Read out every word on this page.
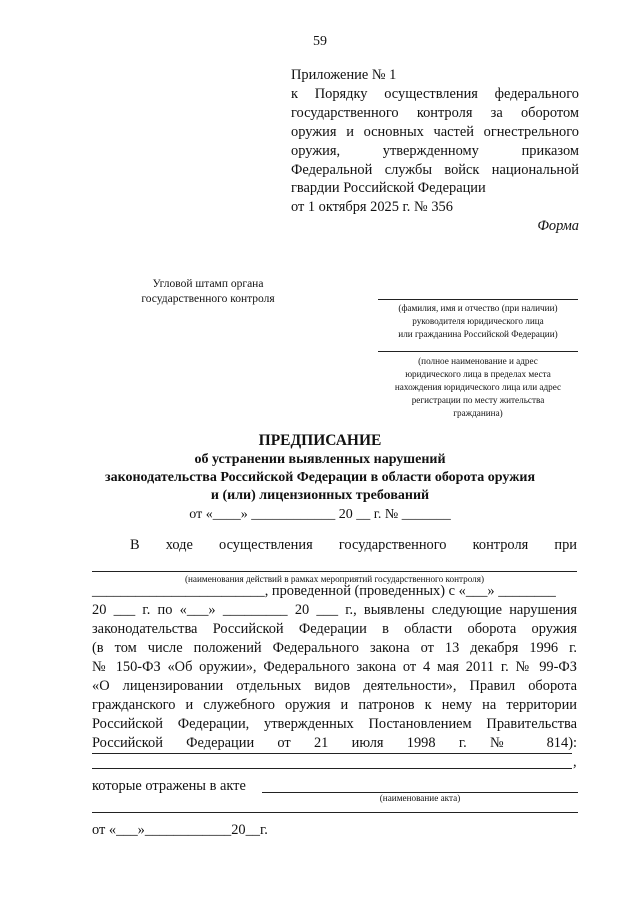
59
Приложение № 1
к Порядку осуществления федерального
государственного контроля за оборотом
оружия и основных частей огнестрельного
оружия, утвержденному приказом
Федеральной службы войск национальной
гвардии Российской Федерации
от 1 октября 2025 г. № 356
Форма
Угловой штамп органа
государственного контроля
(фамилия, имя и отчество (при наличии)
руководителя юридического лица
или гражданина Российской Федерации)
(полное наименование и адрес
юридического лица в пределах места
нахождения юридического лица или адрес
регистрации по месту жительства
гражданина)
ПРЕДПИСАНИЕ
об устранении выявленных нарушений
законодательства Российской Федерации в области оборота оружия
и (или) лицензионных требований
от «____» ____________ 20 __ г. № _______
В ходе осуществления государственного контроля при
(наименования действий в рамках мероприятий государственного контроля)
________________________, проведенной (проведенных) с «___» ________
20 ___ г. по «___» _________ 20 ___ г., выявлены следующие нарушения
законодательства Российской Федерации в области оборота оружия
(в том числе положений Федерального закона от 13 декабря 1996 г.
№ 150-ФЗ «Об оружии», Федерального закона от 4 мая 2011 г. № 99-ФЗ
«О лицензировании отдельных видов деятельности», Правил оборота
гражданского и служебного оружия и патронов к нему на территории
Российской Федерации, утвержденных Постановлением Правительства
Российской Федерации от 21 июля 1998 г. № 814):
,
которые отражены в акте
(наименование акта)
от «___»____________20__г.
